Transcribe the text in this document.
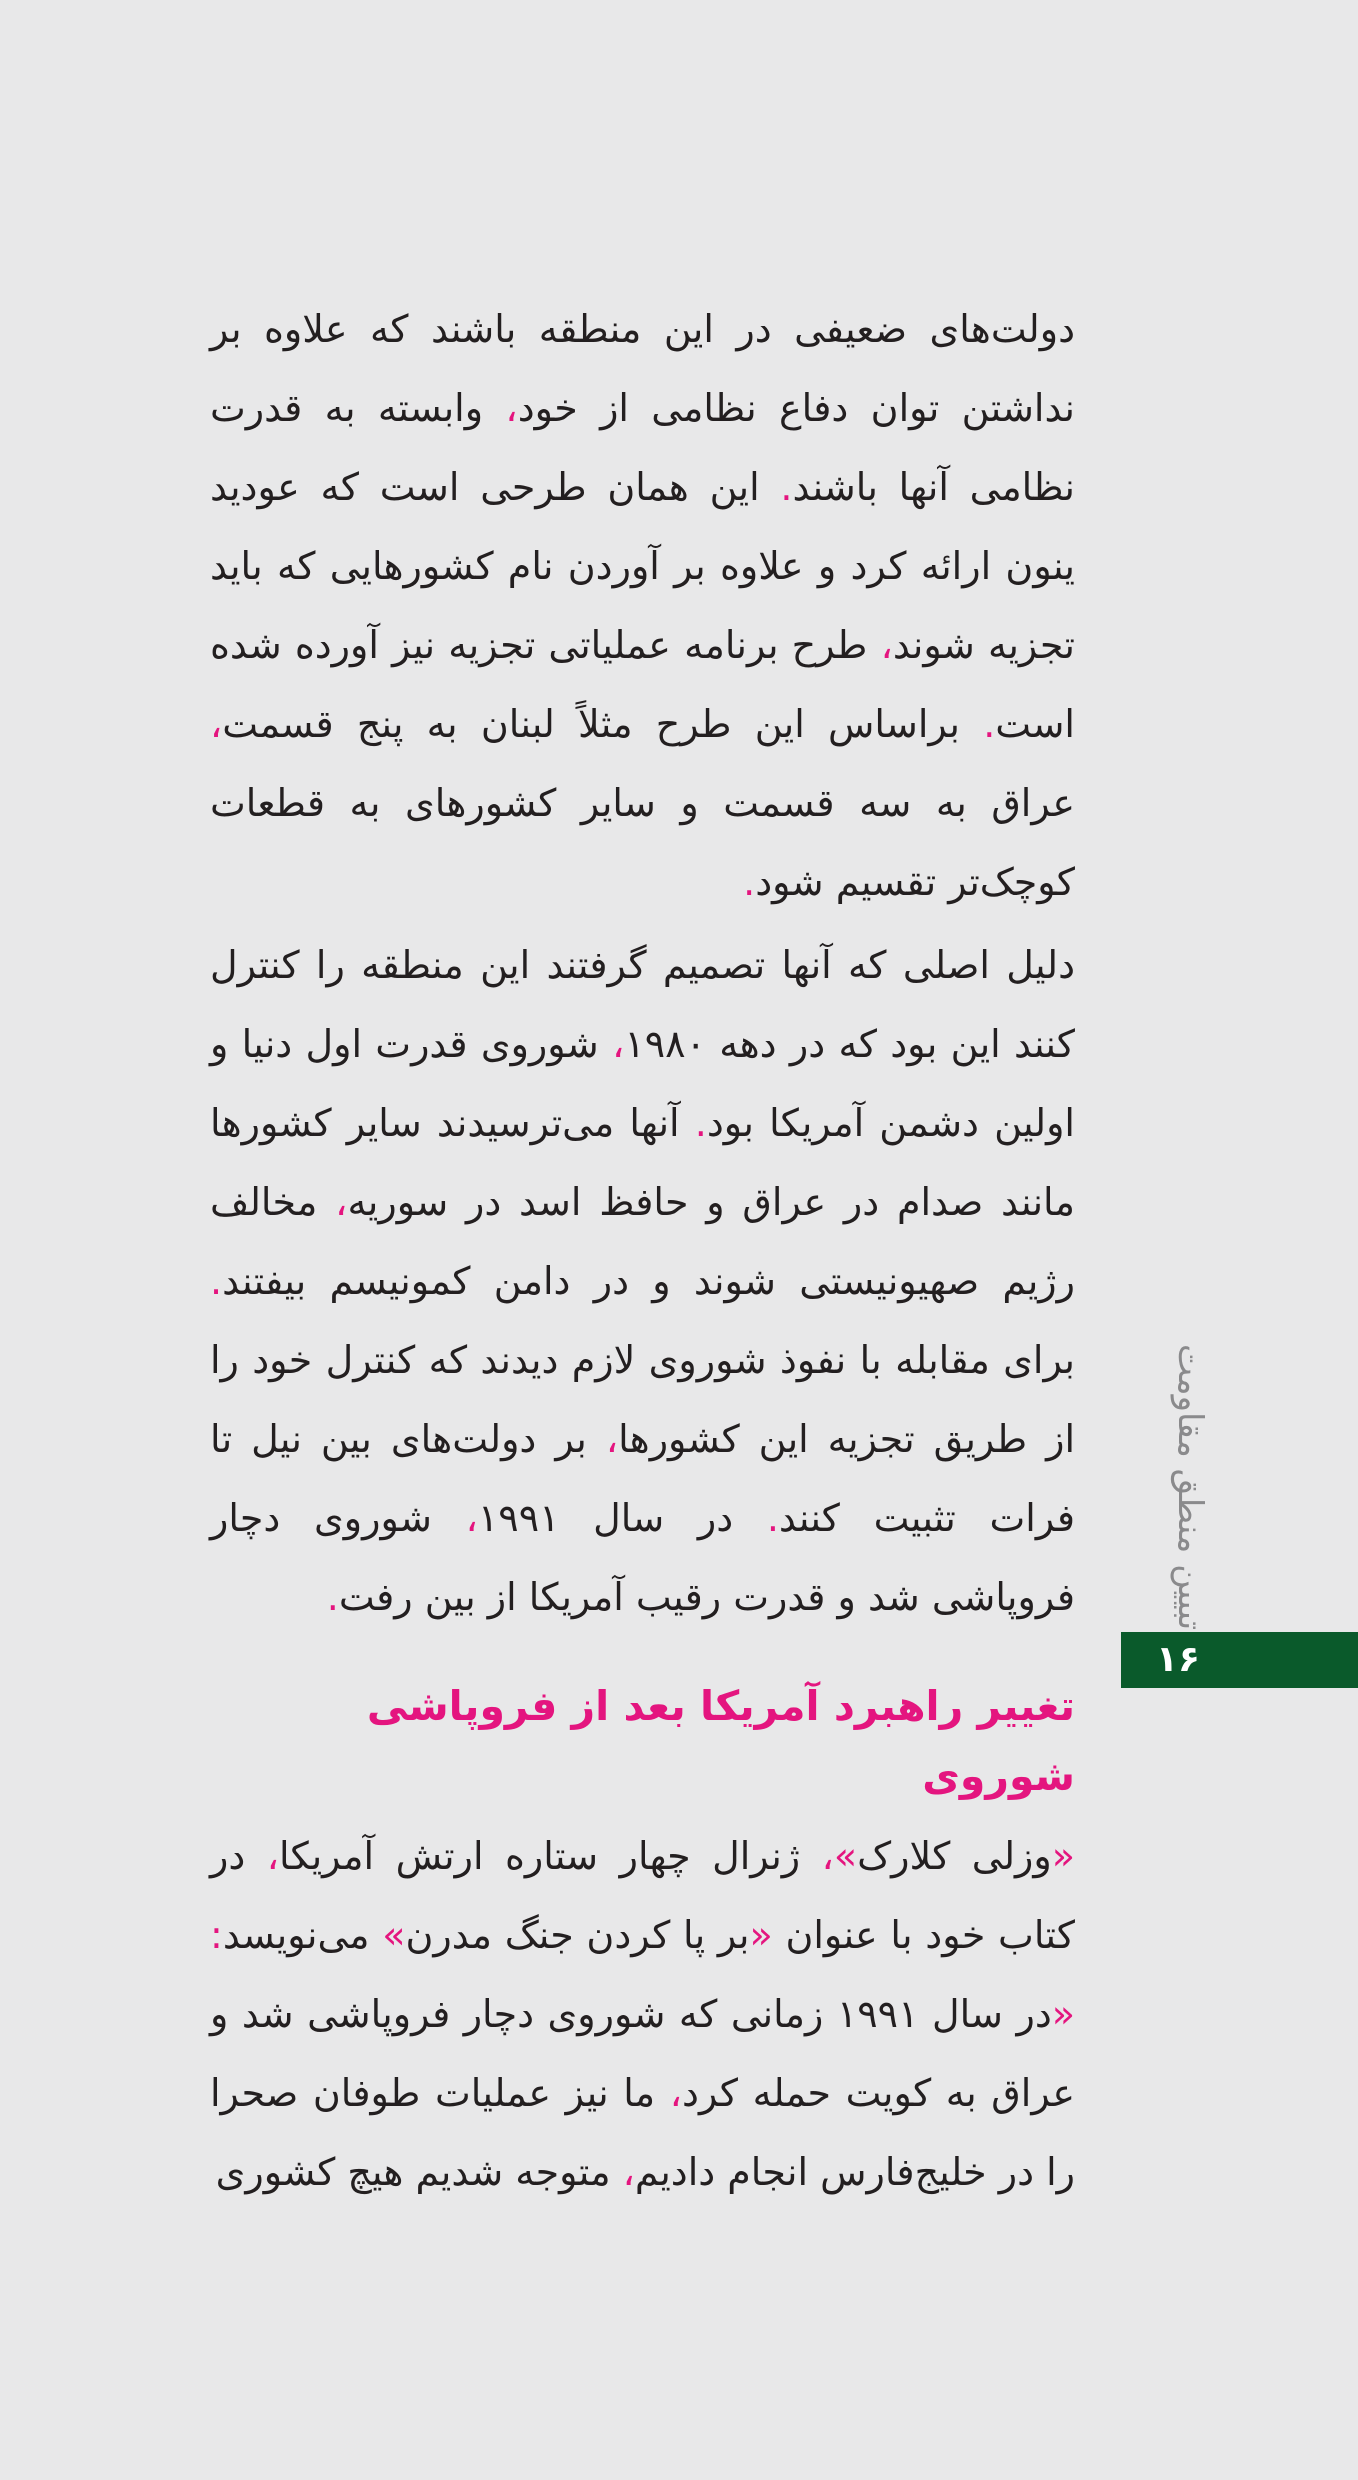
دولت‌های ضعیفی در این منطقه باشند که علاوه بر نداشتن توان دفاع نظامی از خود، وابسته به قدرت نظامی آنها باشند. این همان طرحی است که عودید ینون ارائه کرد و علاوه بر آوردن نام کشورهایی که باید تجزیه شوند، طرح برنامه عملیاتی تجزیه نیز آورده شده است. براساس این طرح مثلاً لبنان به پنج قسمت، عراق به سه قسمت و سایر کشورهای به قطعات کوچک‌تر تقسیم شود.

دلیل اصلی که آنها تصمیم گرفتند این منطقه را کنترل کنند این بود که در دهه ۱۹۸۰، شوروی قدرت اول دنیا و اولین دشمن آمریکا بود. آنها می‌ترسیدند سایر کشورها مانند صدام در عراق و حافظ اسد در سوریه، مخالف رژیم صهیونیستی شوند و در دامن کمونیسم بیفتند. برای مقابله با نفوذ شوروی لازم دیدند که کنترل خود را از طریق تجزیه این کشورها، بر دولت‌های بین نیل تا فرات تثبیت کنند. در سال ۱۹۹۱، شوروی دچار فروپاشی شد و قدرت رقیب آمریکا از بین رفت.

تغییر راهبرد آمریکا بعد از فروپاشی شوروی

«وزلی کلارک»، ژنرال چهار ستاره ارتش آمریکا، در کتاب خود با عنوان «بر پا کردن جنگ مدرن» می‌نویسد: «در سال ۱۹۹۱ زمانی که شوروی دچار فروپاشی شد و عراق به کویت حمله کرد، ما نیز عملیات طوفان صحرا را در خلیج‌فارس انجام دادیم، متوجه شدیم هیچ کشوری

تبیین منطق مقاومت
۱۶
